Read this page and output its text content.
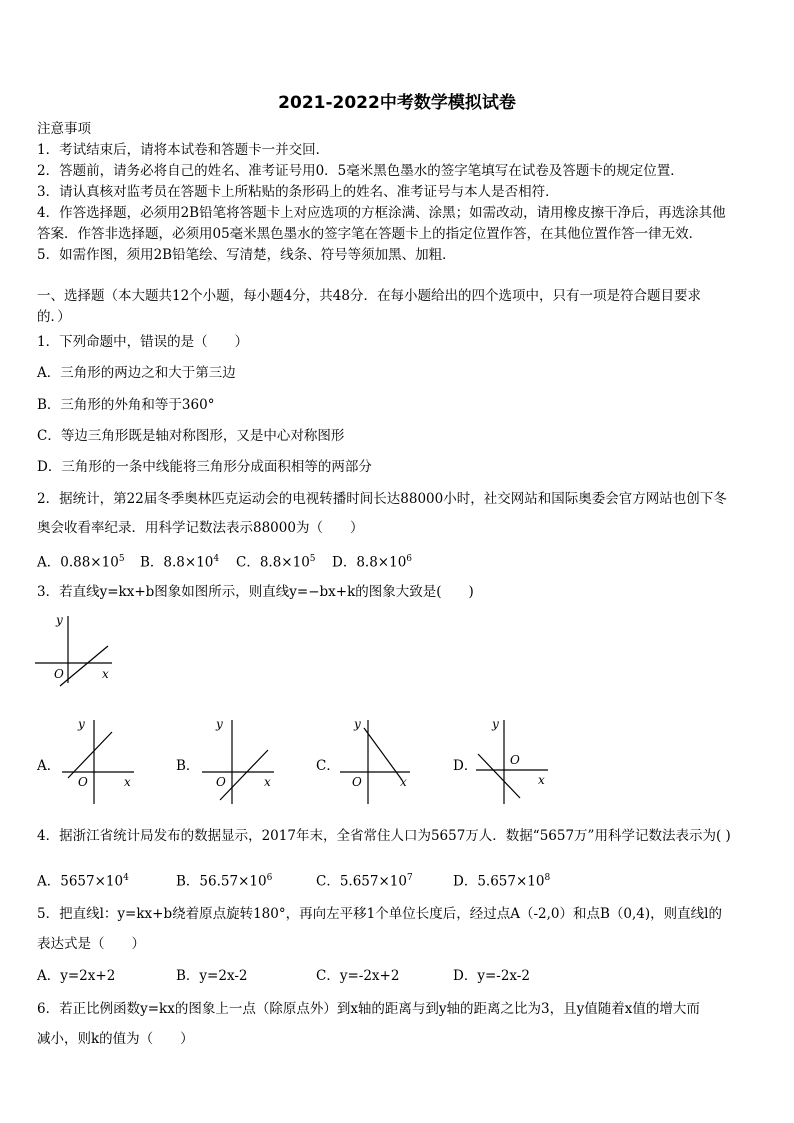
2021-2022中考数学模拟试卷
注意事项
1．考试结束后，请将本试卷和答题卡一并交回．
2．答题前，请务必将自己的姓名、准考证号用0．5毫米黑色墨水的签字笔填写在试卷及答题卡的规定位置．
3．请认真核对监考员在答题卡上所粘贴的条形码上的姓名、准考证号与本人是否相符．
4．作答选择题，必须用2B铅笔将答题卡上对应选项的方框涂满、涂黑；如需改动，请用橡皮擦干净后，再选涂其他
答案．作答非选择题，必须用05毫米黑色墨水的签字笔在答题卡上的指定位置作答，在其他位置作答一律无效．
5．如需作图，须用2B铅笔绘、写清楚，线条、符号等须加黑、加粗．
一、选择题（本大题共12个小题，每小题4分，共48分．在每小题给出的四个选项中，只有一项是符合题目要求
的．）
1．下列命题中，错误的是（　　）
A．三角形的两边之和大于第三边
B．三角形的外角和等于360°
C．等边三角形既是轴对称图形，又是中心对称图形
D．三角形的一条中线能将三角形分成面积相等的两部分
2．据统计，第22届冬季奥林匹克运动会的电视转播时间长达88000小时，社交网站和国际奥委会官方网站也创下冬
奥会收看率纪录．用科学记数法表示88000为（　　）
A．$0.88\times 10^5$ B．$8.8\times 10^4$ C．$8.8\times 10^5$ D．$8.8\times 10^6$
3．若直线y=kx+b图象如图所示，则直线y=−bx+k的图象大致是(　　)
y
x
O
A．
y
x
O
B．
y
x
O
C．
y
x
O
D．
y
x
O
4．据浙江省统计局发布的数据显示，2017年末，全省常住人口为5657万人．数据“5657万”用科学记数法表示为( )
A．$5657\times 10^4$	B．$56.57\times 10^6$	C．$5.657\times 10^7$	D．$5.657\times 10^8$
5．把直线l：y=kx+b绕着原点旋转180°，再向左平移1个单位长度后，经过点A（-2,0）和点B（0,4)，则直线l的
表达式是（　　）
A．y=2x+2	B．y=2x-2	C．y=-2x+2	D．y=-2x-2
6．若正比例函数y=kx的图象上一点（除原点外）到x轴的距离与到y轴的距离之比为3，且y值随着x值的增大而
减小，则k的值为（　　）
